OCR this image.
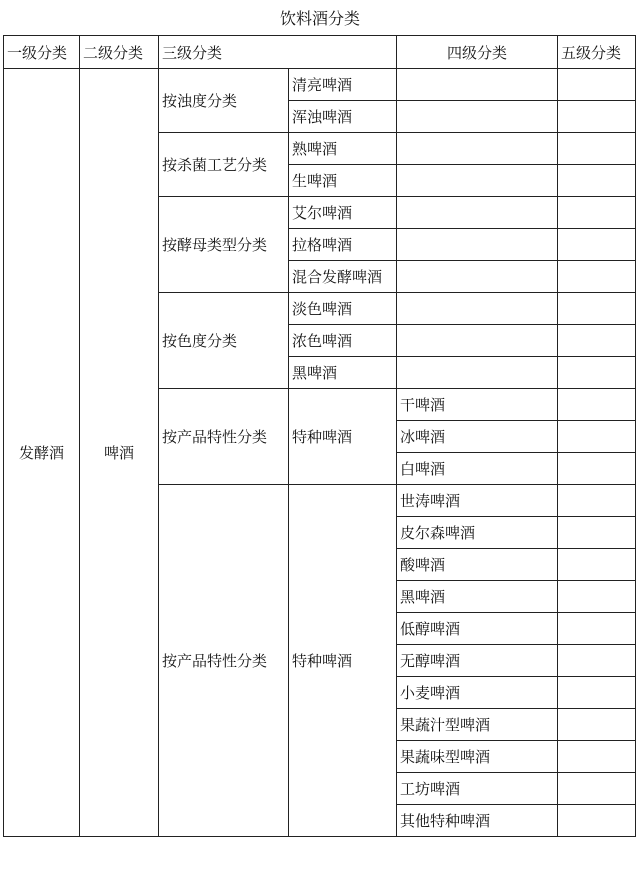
饮料酒分类
一级分类	二级分类	三级分类		四级分类	五级分类
发酵酒	啤酒	按浊度分类	清亮啤酒		
			浑浊啤酒		
		按杀菌工艺分类	熟啤酒		
			生啤酒		
		按酵母类型分类	艾尔啤酒		
			拉格啤酒		
			混合发酵啤酒		
		按色度分类	淡色啤酒		
			浓色啤酒		
			黑啤酒		
		按产品特性分类	特种啤酒	干啤酒	
				冰啤酒	
				白啤酒	
		按产品特性分类	特种啤酒	世涛啤酒	
				皮尔森啤酒	
				酸啤酒	
				黑啤酒	
				低醇啤酒	
				无醇啤酒	
				小麦啤酒	
				果蔬汁型啤酒	
				果蔬味型啤酒	
				工坊啤酒	
				其他特种啤酒	
